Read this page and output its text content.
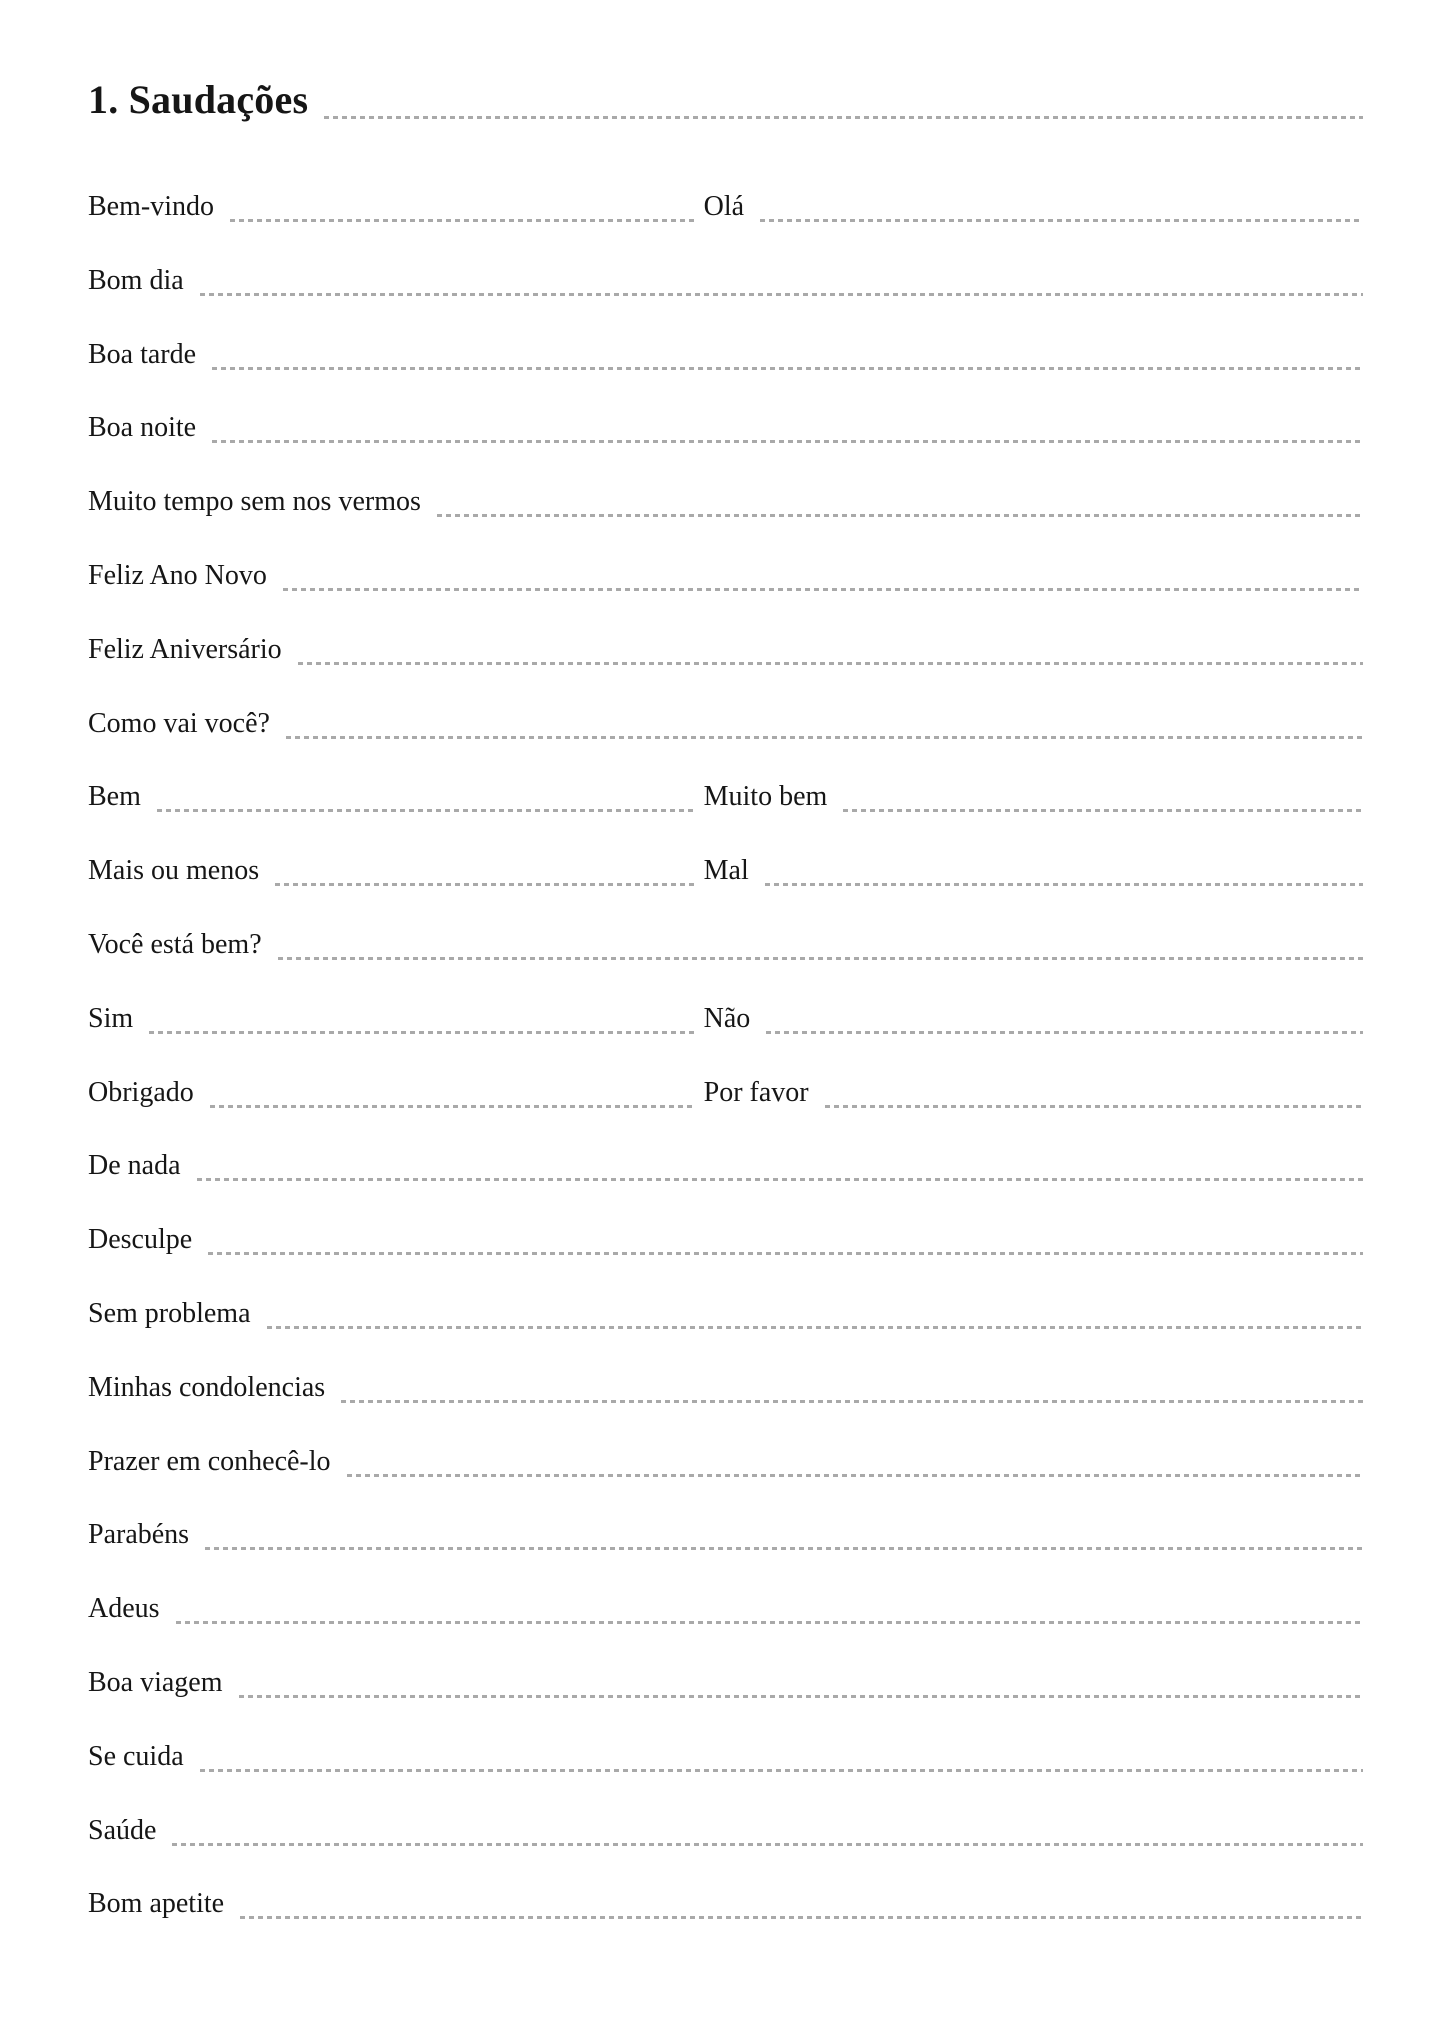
1. Saudações
Bem-vindo	Olá
Bom dia
Boa tarde
Boa noite
Muito tempo sem nos vermos
Feliz Ano Novo
Feliz Aniversário
Como vai você?
Bem	Muito bem
Mais ou menos	Mal
Você está bem?
Sim	Não
Obrigado	Por favor
De nada
Desculpe
Sem problema
Minhas condolencias
Prazer em conhecê-lo
Parabéns
Adeus
Boa viagem
Se cuida
Saúde
Bom apetite
